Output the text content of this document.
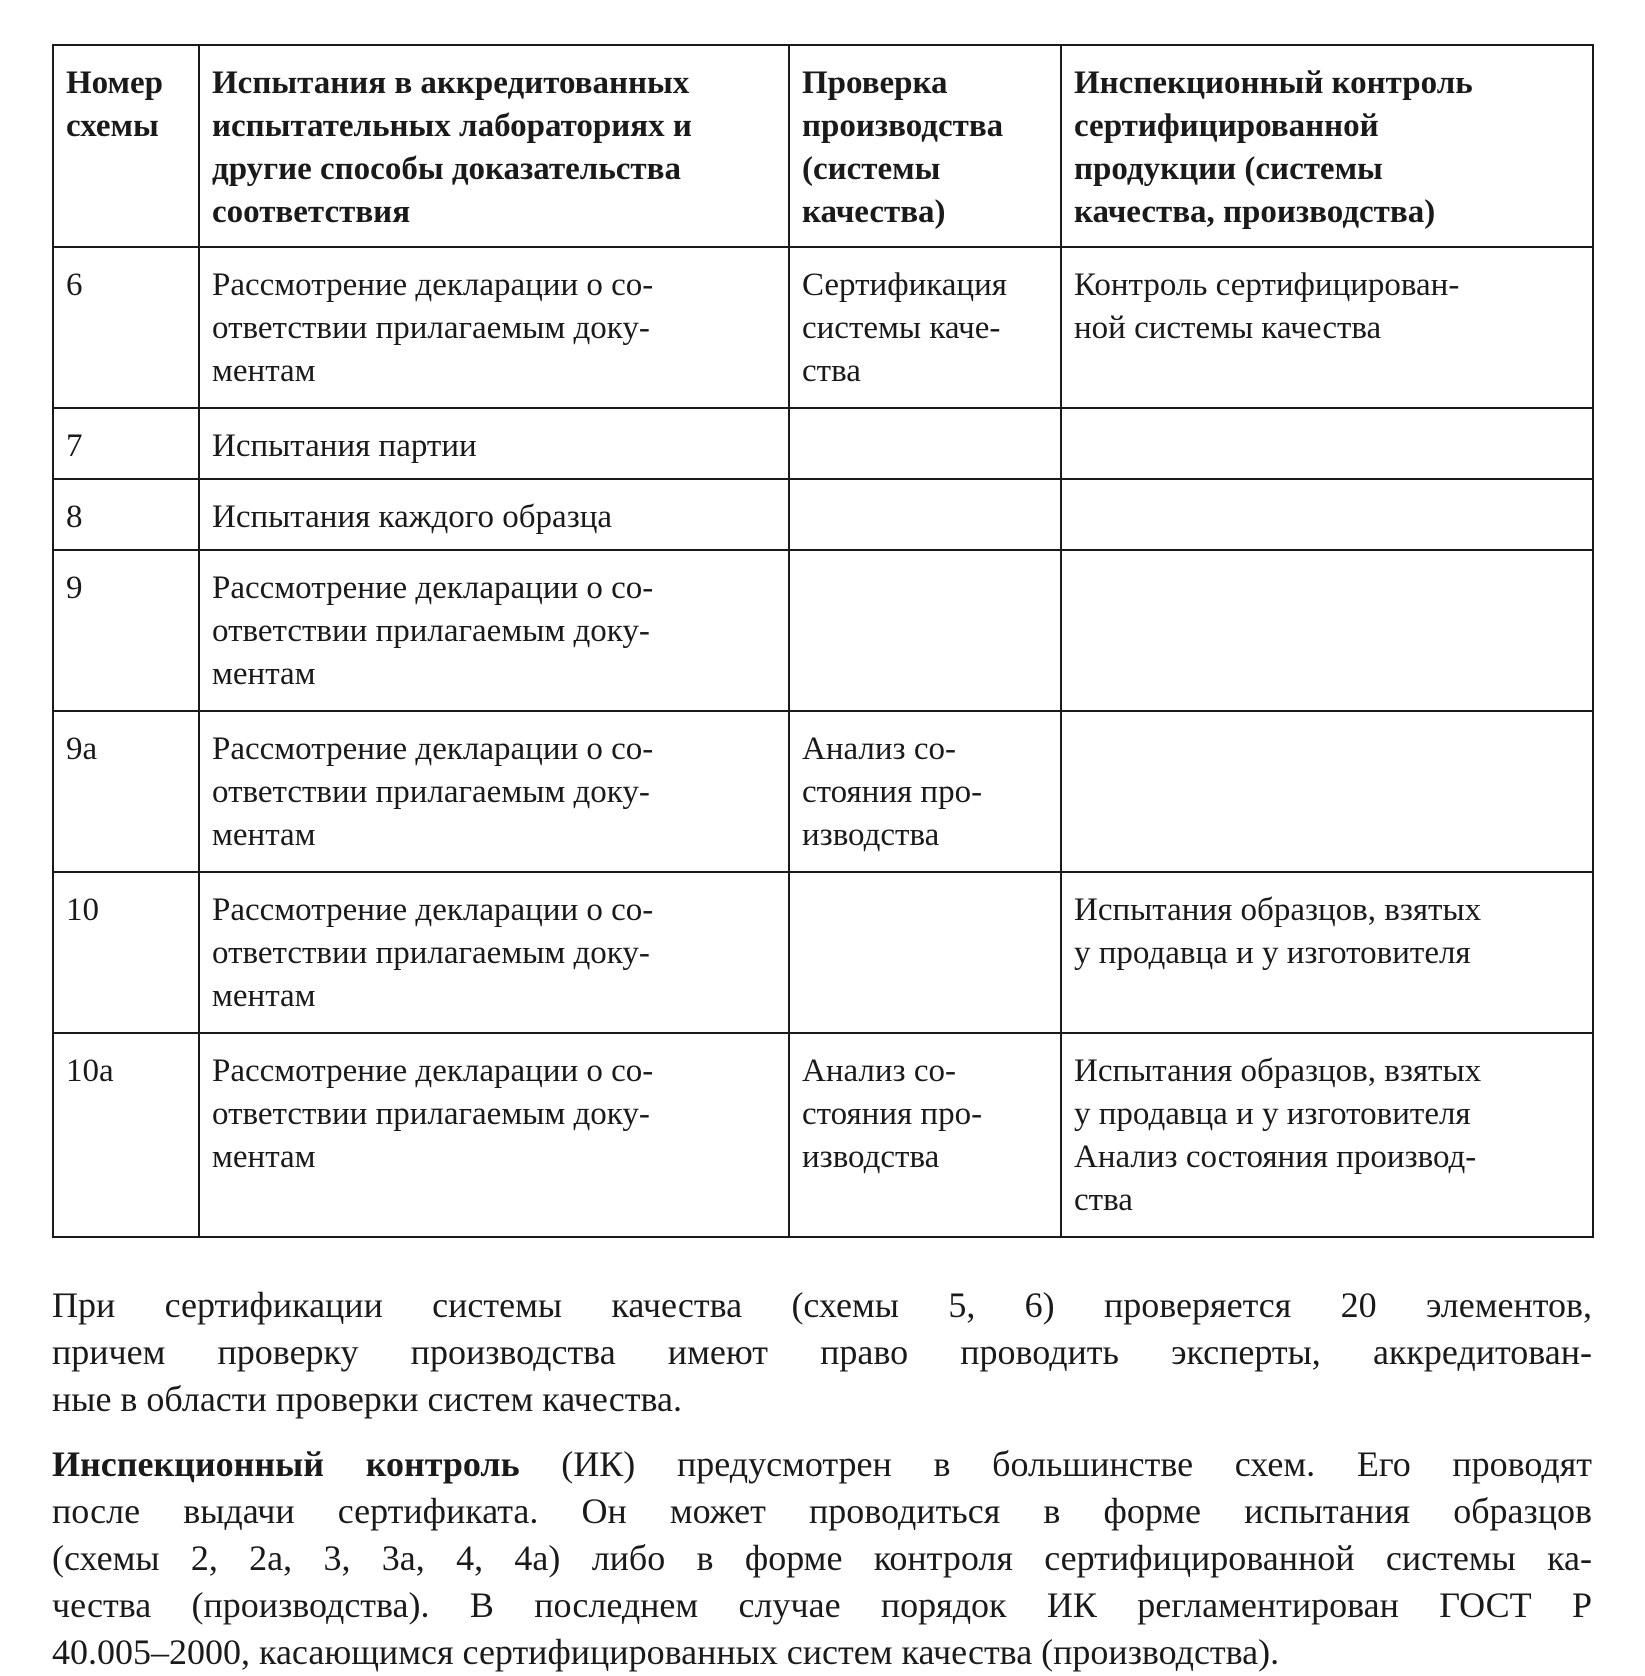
Номер
схемы	Испытания в аккредитованных
испытательных лабораториях и
другие способы доказательства
соответствия	Проверка
производства
(системы
качества)	Инспекционный контроль
сертифицированной
продукции (системы
качества, производства)

6	Рассмотрение декларации о со-
ответствии прилагаемым доку-
ментам	Сертификация
системы каче-
ства	Контроль сертифицирован-
ной системы качества

7	Испытания партии		

8	Испытания каждого образца		

9	Рассмотрение декларации о со-
ответствии прилагаемым доку-
ментам		

9а	Рассмотрение декларации о со-
ответствии прилагаемым доку-
ментам	Анализ со-
стояния про-
изводства	

10	Рассмотрение декларации о со-
ответствии прилагаемым доку-
ментам		Испытания образцов, взятых
у продавца и у изготовителя

10а	Рассмотрение декларации о со-
ответствии прилагаемым доку-
ментам	Анализ со-
стояния про-
изводства	Испытания образцов, взятых
у продавца и у изготовителя
Анализ состояния производ-
ства

При сертификации системы качества (схемы 5, 6) проверяется 20 элементов,
причем проверку производства имеют право проводить эксперты, аккредитован-
ные в области проверки систем качества.

Инспекционный контроль (ИК) предусмотрен в большинстве схем. Его проводят
после выдачи сертификата. Он может проводиться в форме испытания образцов
(схемы 2, 2а, 3, 3а, 4, 4а) либо в форме контроля сертифицированной системы ка-
чества (производства). В последнем случае порядок ИК регламентирован ГОСТ Р
40.005–2000, касающимся сертифицированных систем качества (производства).
